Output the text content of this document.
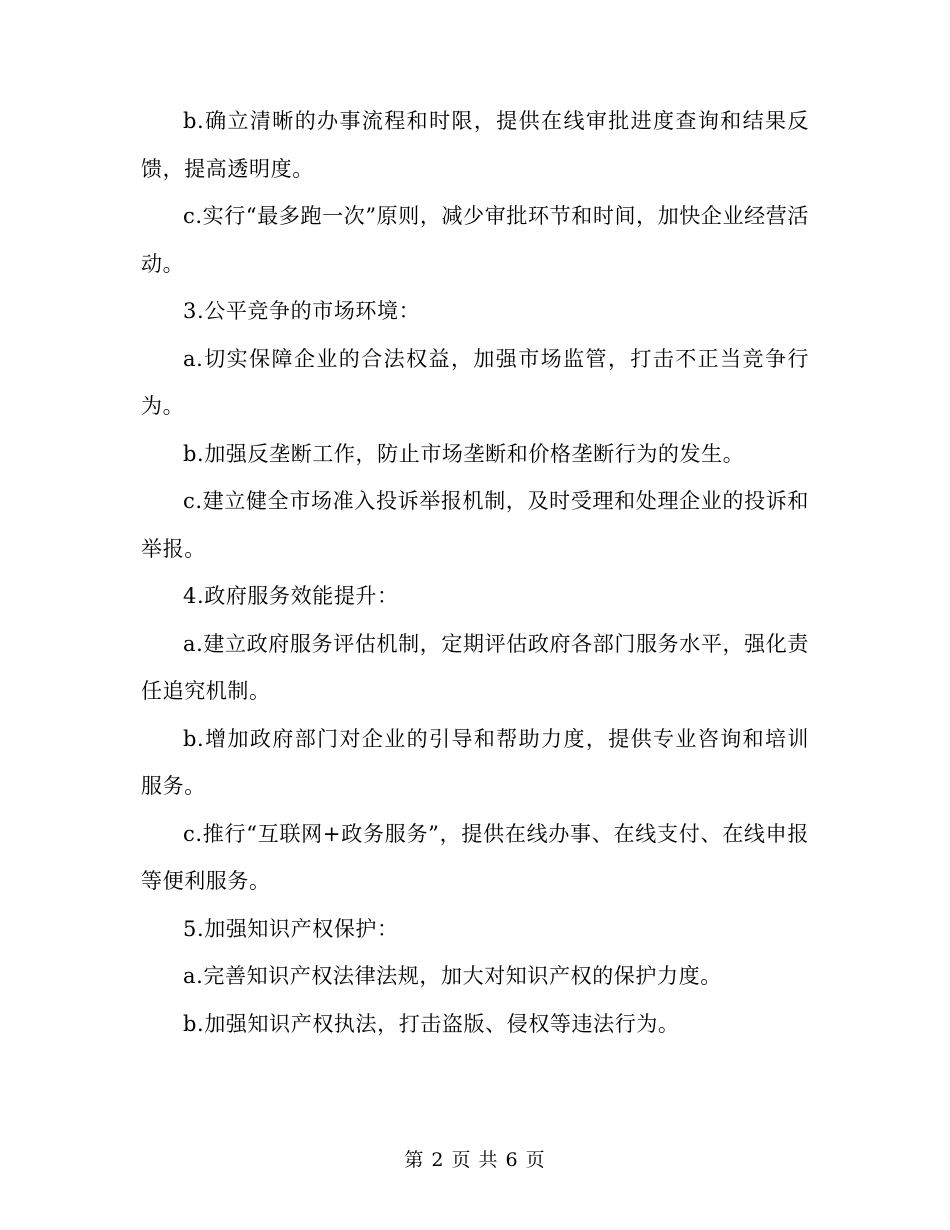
b.确立清晰的办事流程和时限，提供在线审批进度查询和结果反馈，提高透明度。

c.实行“最多跑一次”原则，减少审批环节和时间，加快企业经营活动。

3.公平竞争的市场环境：

a.切实保障企业的合法权益，加强市场监管，打击不正当竞争行为。

b.加强反垄断工作，防止市场垄断和价格垄断行为的发生。

c.建立健全市场准入投诉举报机制，及时受理和处理企业的投诉和举报。

4.政府服务效能提升：

a.建立政府服务评估机制，定期评估政府各部门服务水平，强化责任追究机制。

b.增加政府部门对企业的引导和帮助力度，提供专业咨询和培训服务。

c.推行“互联网+政务服务”，提供在线办事、在线支付、在线申报等便利服务。

5.加强知识产权保护：

a.完善知识产权法律法规，加大对知识产权的保护力度。

b.加强知识产权执法，打击盗版、侵权等违法行为。

第 2 页 共 6 页
